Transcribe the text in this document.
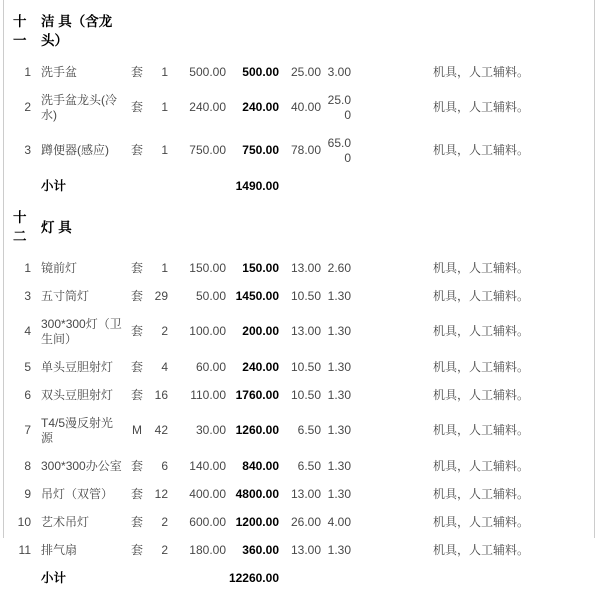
十一	洁 具（含龙头）								
1	洗手盆	套	1	500.00	500.00	25.00	3.00		机具，人工辅料。
2	洗手盆龙头(冷水)	套	1	240.00	240.00	40.00	25.00		机具，人工辅料。
3	蹲便器(感应)	套	1	750.00	750.00	78.00	65.00		机具，人工辅料。
	小计				1490.00				
十二	灯 具								
1	镜前灯	套	1	150.00	150.00	13.00	2.60		机具，人工辅料。
3	五寸筒灯	套	29	50.00	1450.00	10.50	1.30		机具，人工辅料。
4	300*300灯（卫生间）	套	2	100.00	200.00	13.00	1.30		机具，人工辅料。
5	单头豆胆射灯	套	4	60.00	240.00	10.50	1.30		机具，人工辅料。
6	双头豆胆射灯	套	16	110.00	1760.00	10.50	1.30		机具，人工辅料。
7	T4/5漫反射光源	M	42	30.00	1260.00	6.50	1.30		机具，人工辅料。
8	300*300办公室	套	6	140.00	840.00	6.50	1.30		机具，人工辅料。
9	吊灯（双管）	套	12	400.00	4800.00	13.00	1.30		机具，人工辅料。
10	艺术吊灯	套	2	600.00	1200.00	26.00	4.00		机具，人工辅料。
11	排气扇	套	2	180.00	360.00	13.00	1.30		机具，人工辅料。
	小计				12260.00				
